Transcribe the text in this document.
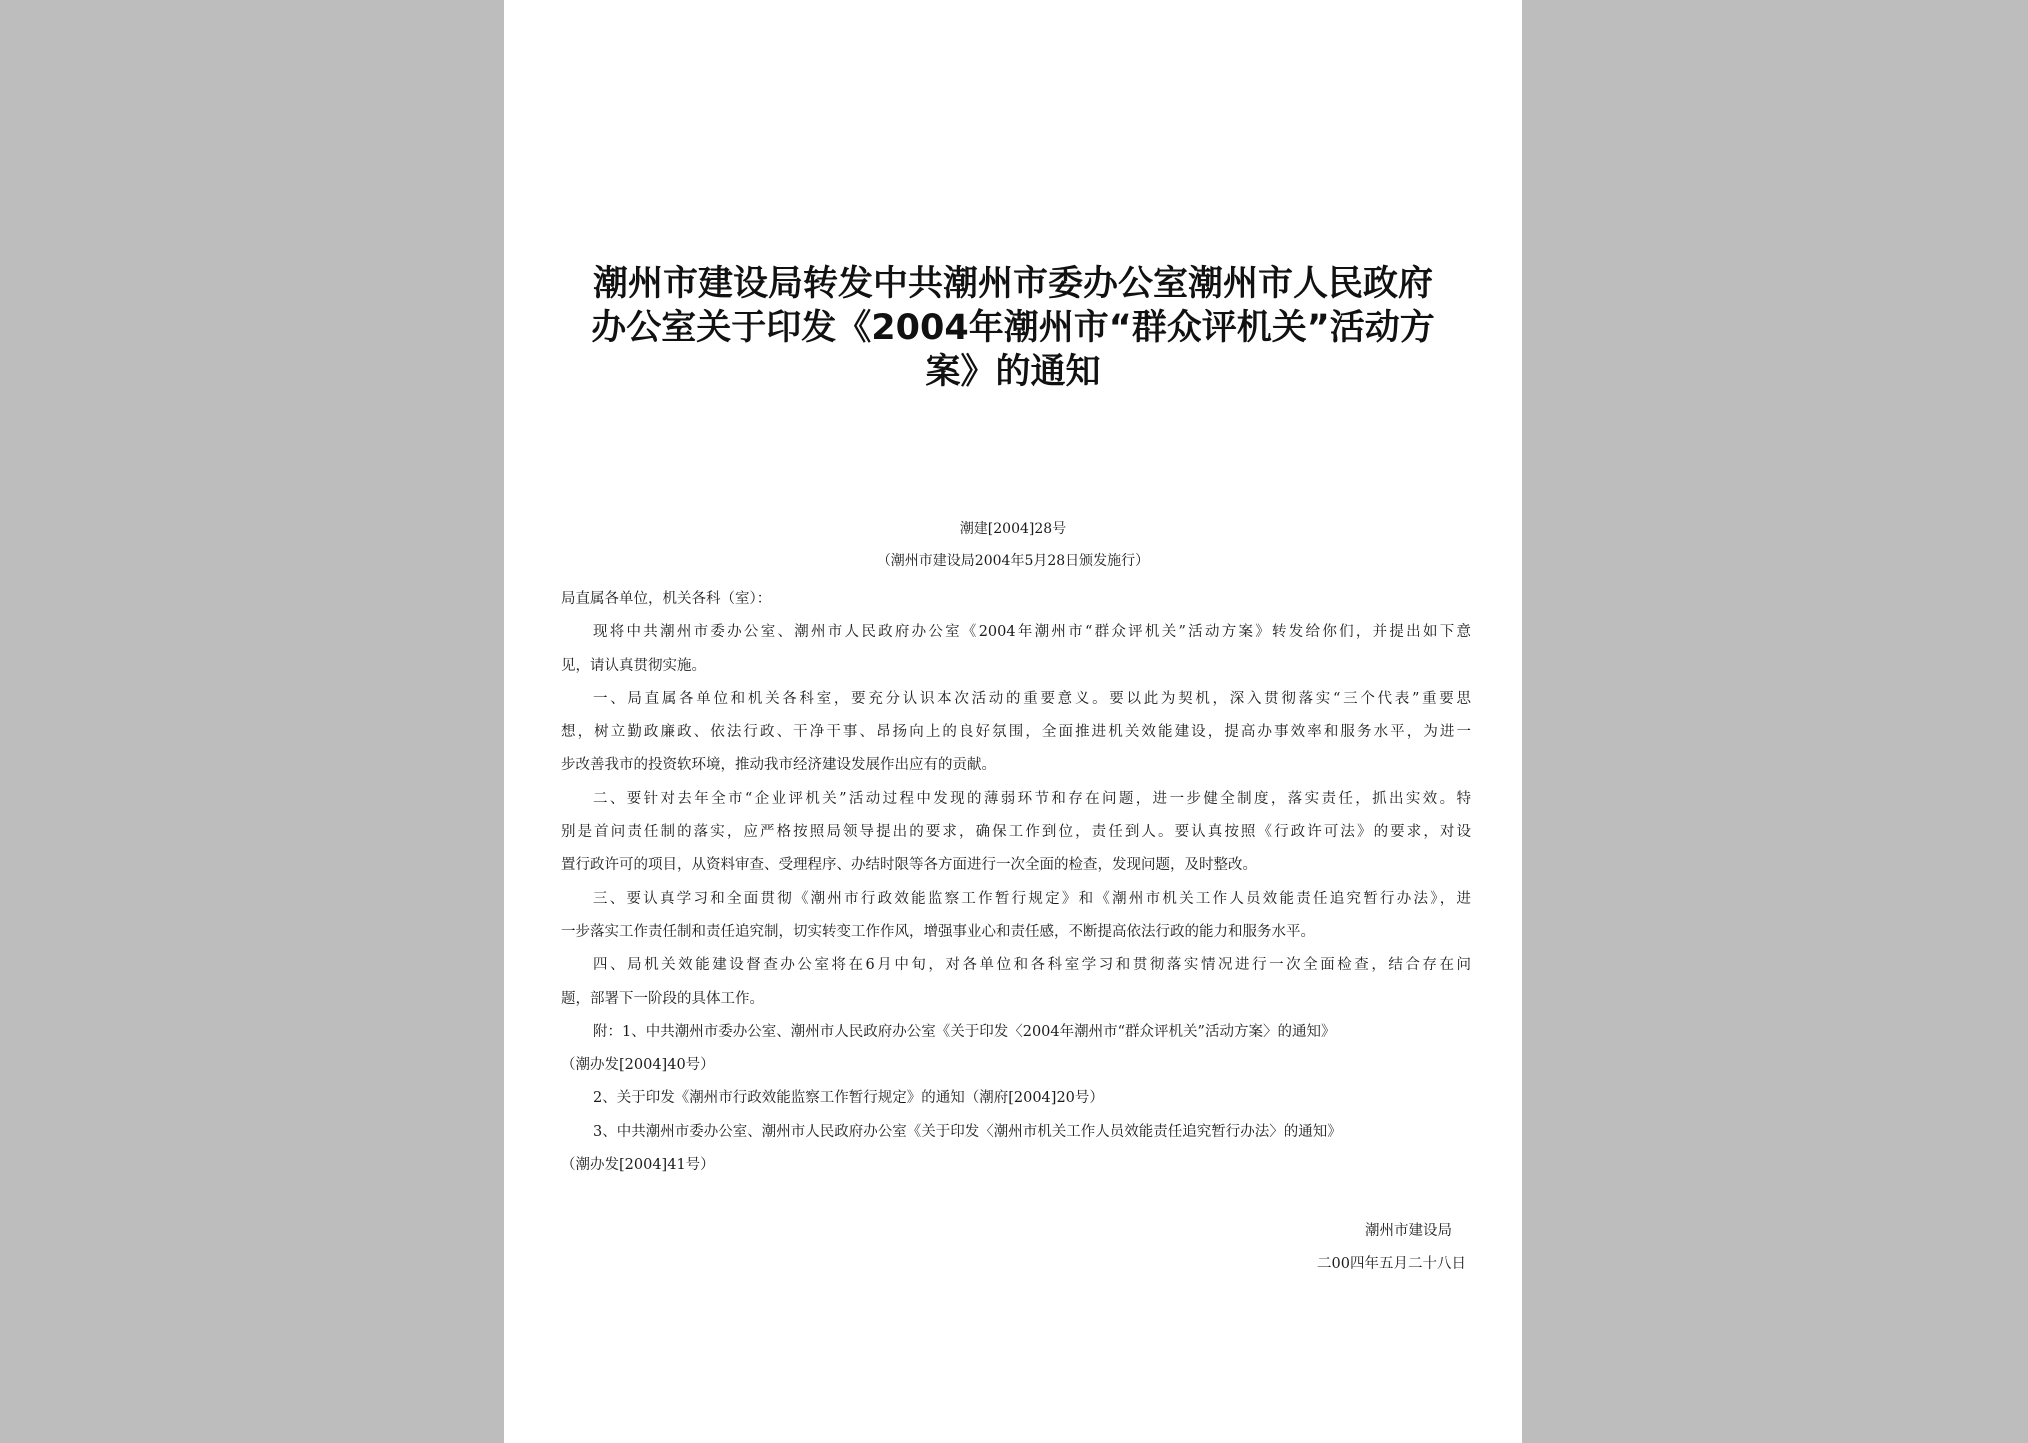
潮州市建设局转发中共潮州市委办公室潮州市人民政府
办公室关于印发《2004年潮州市“群众评机关”活动方
案》的通知
潮建[2004]28号
（潮州市建设局2004年5月28日颁发施行）
局直属各单位，机关各科（室）：
现将中共潮州市委办公室、潮州市人民政府办公室《2004年潮州市“群众评机关”活动方案》转发给你们，并提出如下意
见，请认真贯彻实施。
一、局直属各单位和机关各科室，要充分认识本次活动的重要意义。要以此为契机，深入贯彻落实“三个代表”重要思
想，树立勤政廉政、依法行政、干净干事、昂扬向上的良好氛围，全面推进机关效能建设，提高办事效率和服务水平，为进一
步改善我市的投资软环境，推动我市经济建设发展作出应有的贡献。
二、要针对去年全市“企业评机关”活动过程中发现的薄弱环节和存在问题，进一步健全制度，落实责任，抓出实效。特
别是首问责任制的落实，应严格按照局领导提出的要求，确保工作到位，责任到人。要认真按照《行政许可法》的要求，对设
置行政许可的项目，从资料审查、受理程序、办结时限等各方面进行一次全面的检查，发现问题，及时整改。
三、要认真学习和全面贯彻《潮州市行政效能监察工作暂行规定》和《潮州市机关工作人员效能责任追究暂行办法》，进
一步落实工作责任制和责任追究制，切实转变工作作风，增强事业心和责任感，不断提高依法行政的能力和服务水平。
四、局机关效能建设督查办公室将在6月中旬，对各单位和各科室学习和贯彻落实情况进行一次全面检查，结合存在问
题，部署下一阶段的具体工作。
附：1、中共潮州市委办公室、潮州市人民政府办公室《关于印发〈2004年潮州市“群众评机关”活动方案〉的通知》
（潮办发[2004]40号）
2、关于印发《潮州市行政效能监察工作暂行规定》的通知（潮府[2004]20号）
3、中共潮州市委办公室、潮州市人民政府办公室《关于印发〈潮州市机关工作人员效能责任追究暂行办法〉的通知》
（潮办发[2004]41号）
潮州市建设局
二00四年五月二十八日
